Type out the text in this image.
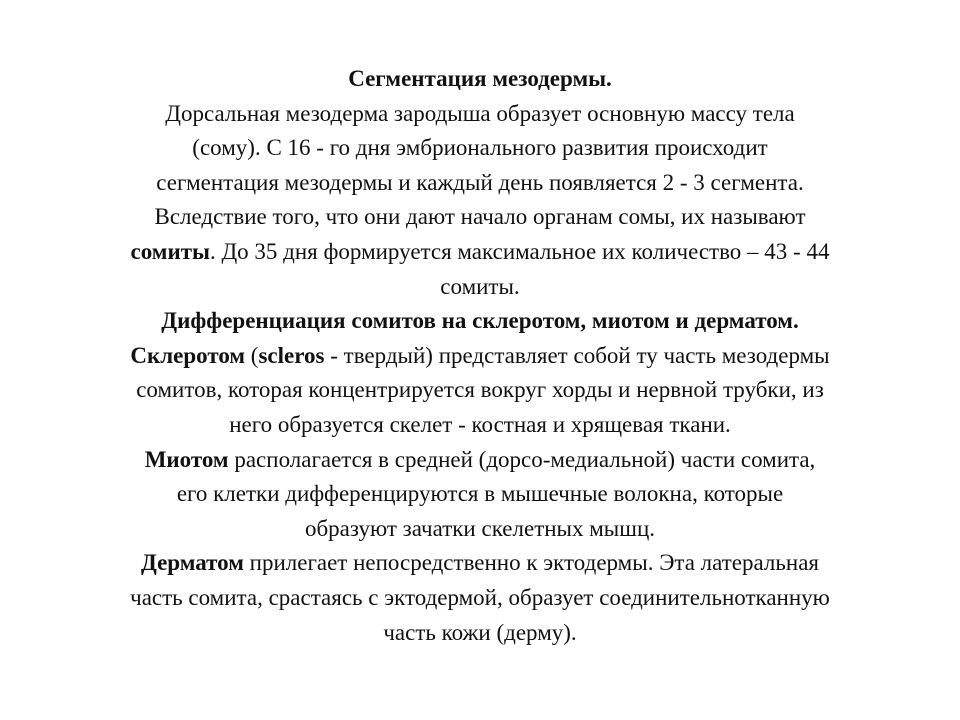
Сегментация мезодермы.
Дорсальная мезодерма зародыша образует основную массу тела
(сому). С 16 - го дня эмбрионального развития происходит
сегментация мезодермы и каждый день появляется 2 - 3 сегмента.
Вследствие того, что они дают начало органам сомы, их называют
сомиты. До 35 дня формируется максимальное их количество – 43 - 44
сомиты.
Дифференциация сомитов на склеротом, миотом и дерматом.
Склеротом (scleros - твердый) представляет собой ту часть мезодермы
сомитов, которая концентрируется вокруг хорды и нервной трубки, из
него образуется скелет - костная и хрящевая ткани.
Миотом располагается в средней (дорсо-медиальной) части сомита,
его клетки дифференцируются в мышечные волокна, которые
образуют зачатки скелетных мышц.
Дерматом прилегает непосредственно к эктодермы. Эта латеральная
часть сомита, срастаясь с эктодермой, образует соединительнотканную
часть кожи (дерму).
